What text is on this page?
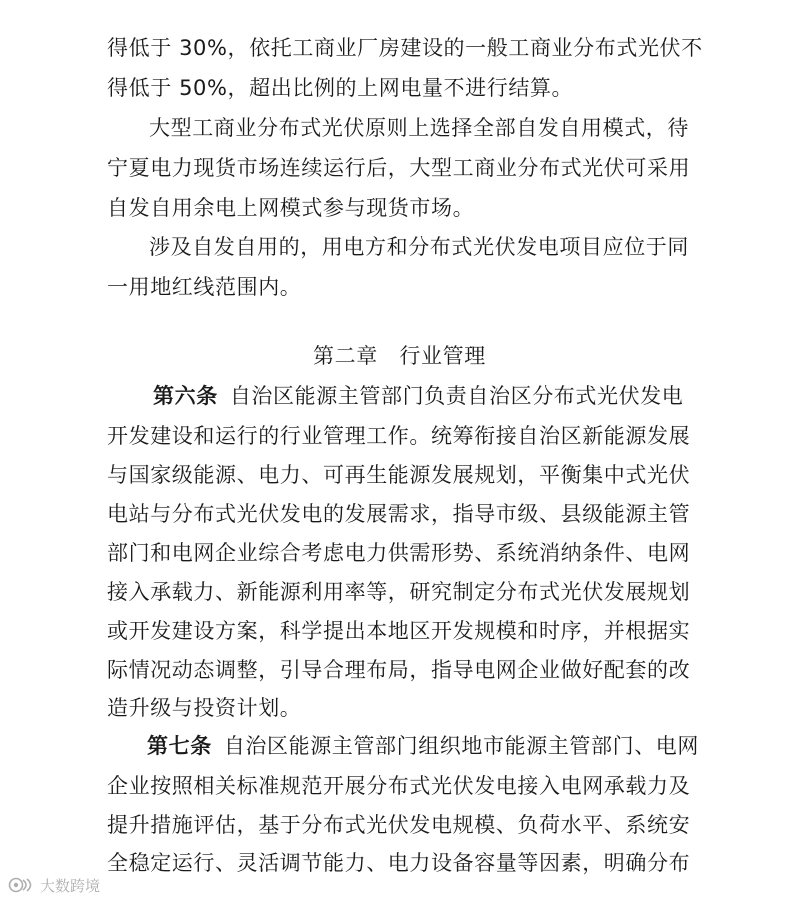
得低于 30%，依托工商业厂房建设的一般工商业分布式光伏不
得低于 50%，超出比例的上网电量不进行结算。
大型工商业分布式光伏原则上选择全部自发自用模式，待
宁夏电力现货市场连续运行后，大型工商业分布式光伏可采用
自发自用余电上网模式参与现货市场。
涉及自发自用的，用电方和分布式光伏发电项目应位于同
一用地红线范围内。
第二章　行业管理
第六条 自治区能源主管部门负责自治区分布式光伏发电
开发建设和运行的行业管理工作。统筹衔接自治区新能源发展
与国家级能源、电力、可再生能源发展规划，平衡集中式光伏
电站与分布式光伏发电的发展需求，指导市级、县级能源主管
部门和电网企业综合考虑电力供需形势、系统消纳条件、电网
接入承载力、新能源利用率等，研究制定分布式光伏发展规划
或开发建设方案，科学提出本地区开发规模和时序，并根据实
际情况动态调整，引导合理布局，指导电网企业做好配套的改
造升级与投资计划。
第七条 自治区能源主管部门组织地市能源主管部门、电网
企业按照相关标准规范开展分布式光伏发电接入电网承载力及
提升措施评估，基于分布式光伏发电规模、负荷水平、系统安
全稳定运行、灵活调节能力、电力设备容量等因素，明确分布
大数跨境
